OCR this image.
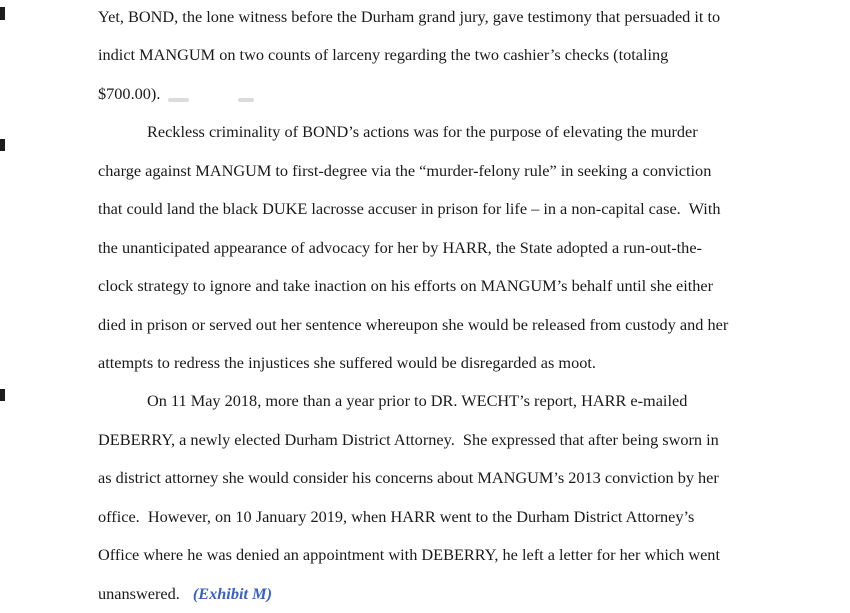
Yet, BOND, the lone witness before the Durham grand jury, gave testimony that persuaded it to
indict MANGUM on two counts of larceny regarding the two cashier’s checks (totaling
$700.00).
Reckless criminality of BOND’s actions was for the purpose of elevating the murder
charge against MANGUM to first-degree via the “murder-felony rule” in seeking a conviction
that could land the black DUKE lacrosse accuser in prison for life – in a non-capital case.  With
the unanticipated appearance of advocacy for her by HARR, the State adopted a run-out-the-
clock strategy to ignore and take inaction on his efforts on MANGUM’s behalf until she either
died in prison or served out her sentence whereupon she would be released from custody and her
attempts to redress the injustices she suffered would be disregarded as moot.
On 11 May 2018, more than a year prior to DR. WECHT’s report, HARR e-mailed
DEBERRY, a newly elected Durham District Attorney.  She expressed that after being sworn in
as district attorney she would consider his concerns about MANGUM’s 2013 conviction by her
office.  However, on 10 January 2019, when HARR went to the Durham District Attorney’s
Office where he was denied an appointment with DEBERRY, he left a letter for her which went
unanswered. (Exhibit M)
